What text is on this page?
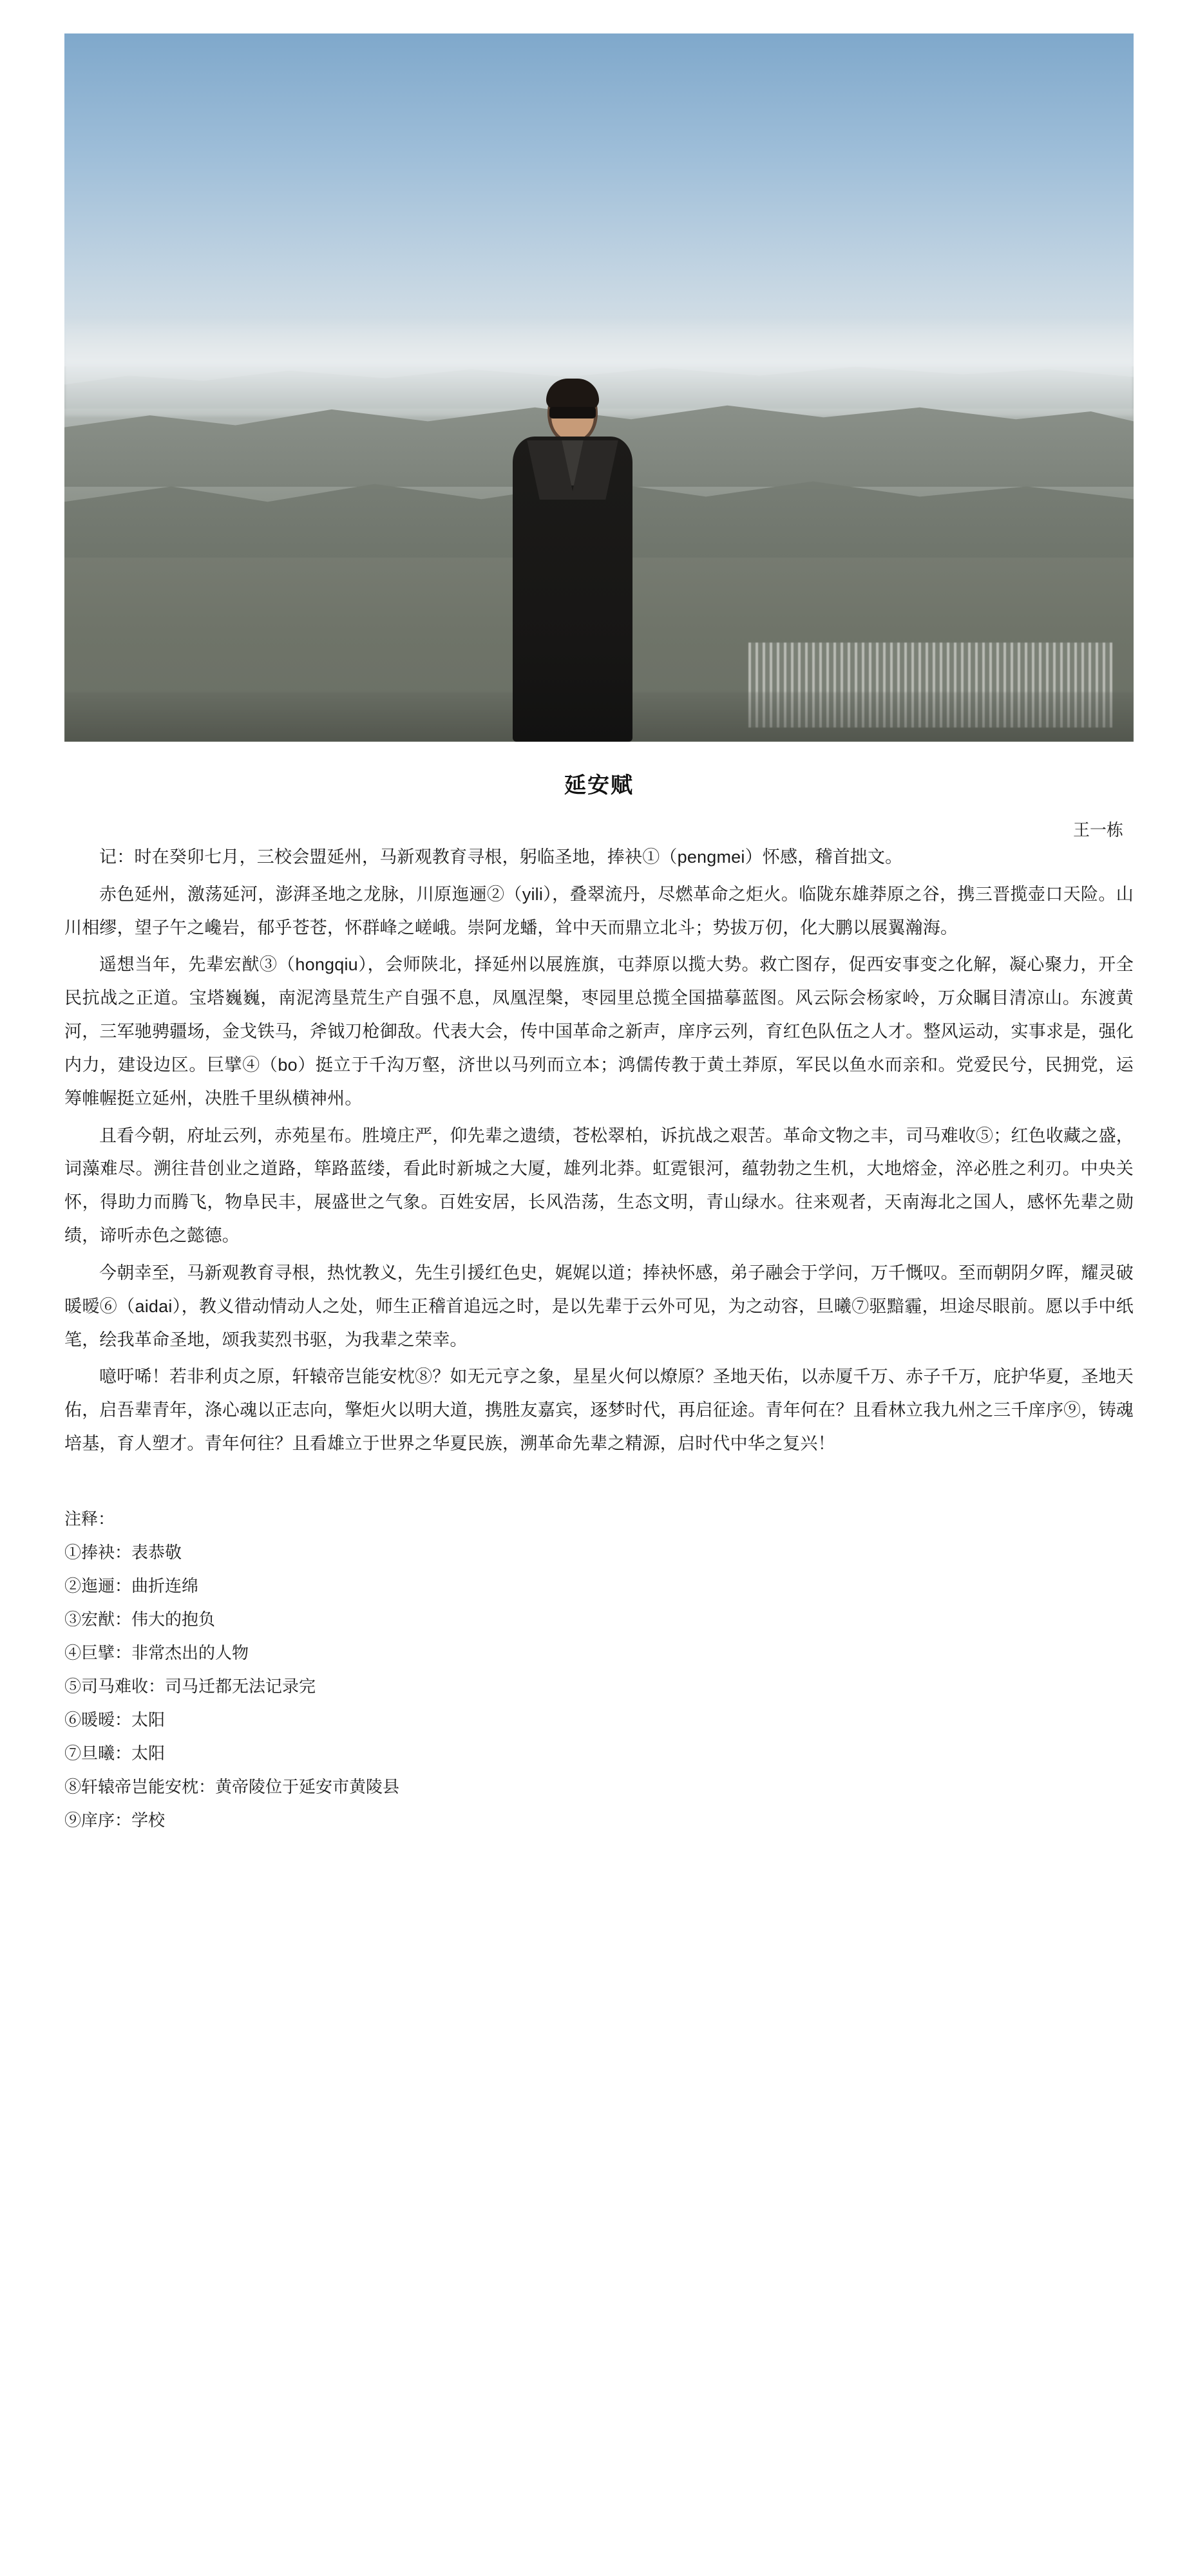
延安赋
王一栋

记：时在癸卯七月，三校会盟延州，马新观教育寻根，躬临圣地，捧袂①（pengmei）怀感，稽首拙文。

赤色延州，激荡延河，澎湃圣地之龙脉，川原迤逦②（yili），叠翠流丹，尽燃革命之炬火。临陇东雄莽原之谷，携三晋揽壶口天险。山川相缪，望子午之巉岩，郁乎苍苍，怀群峰之嵯峨。崇阿龙蟠，耸中天而鼎立北斗；势拔万仞，化大鹏以展翼瀚海。

遥想当年，先辈宏猷③（hongqiu），会师陕北，择延州以展旌旗，屯莽原以揽大势。救亡图存，促西安事变之化解，凝心聚力，开全民抗战之正道。宝塔巍巍，南泥湾垦荒生产自强不息，凤凰涅槃，枣园里总揽全国描摹蓝图。风云际会杨家岭，万众瞩目清凉山。东渡黄河，三军驰骋疆场，金戈铁马，斧钺刀枪御敌。代表大会，传中国革命之新声，庠序云列，育红色队伍之人才。整风运动，实事求是，强化内力，建设边区。巨擘④（bo）挺立于千沟万壑，济世以马列而立本；鸿儒传教于黄土莽原，军民以鱼水而亲和。党爱民兮，民拥党，运筹帷幄挺立延州，决胜千里纵横神州。

且看今朝，府址云列，赤苑星布。胜境庄严，仰先辈之遗绩，苍松翠柏，诉抗战之艰苦。革命文物之丰，司马难收⑤；红色收藏之盛，词藻难尽。溯往昔创业之道路，筚路蓝缕，看此时新城之大厦，雄列北莽。虹霓银河，蕴勃勃之生机，大地熔金，淬必胜之利刃。中央关怀，得助力而腾飞，物阜民丰，展盛世之气象。百姓安居，长风浩荡，生态文明，青山绿水。往来观者，天南海北之国人，感怀先辈之勋绩，谛听赤色之懿德。

今朝幸至，马新观教育寻根，热忱教义，先生引援红色史，娓娓以道；捧袂怀感，弟子融会于学问，万千慨叹。至而朝阴夕晖，耀灵破暖暧⑥（aidai），教义徣动情动人之处，师生正稽首追远之时，是以先辈于云外可见，为之动容，旦曦⑦驱黯霾，坦途尽眼前。愿以手中纸笔，绘我革命圣地，颂我荬烈书驱，为我辈之荣幸。

噫吁唏！若非利贞之原，轩辕帝岂能安枕⑧？如无元亨之象，星星火何以燎原？圣地天佑，以赤厦千万、赤子千万，庇护华夏，圣地天佑，启吾辈青年，涤心魂以正志向，擎炬火以明大道，携胜友嘉宾，逐梦时代，再启征途。青年何在？且看林立我九州之三千庠序⑨，铸魂培基，育人塑才。青年何往？且看雄立于世界之华夏民族，溯革命先辈之精源，启时代中华之复兴！

注释：
①捧袂：表恭敬
②迤逦：曲折连绵
③宏猷：伟大的抱负
④巨擘：非常杰出的人物
⑤司马难收：司马迁都无法记录完
⑥暖暧：太阳
⑦旦曦：太阳
⑧轩辕帝岂能安枕：黄帝陵位于延安市黄陵县
⑨庠序：学校
